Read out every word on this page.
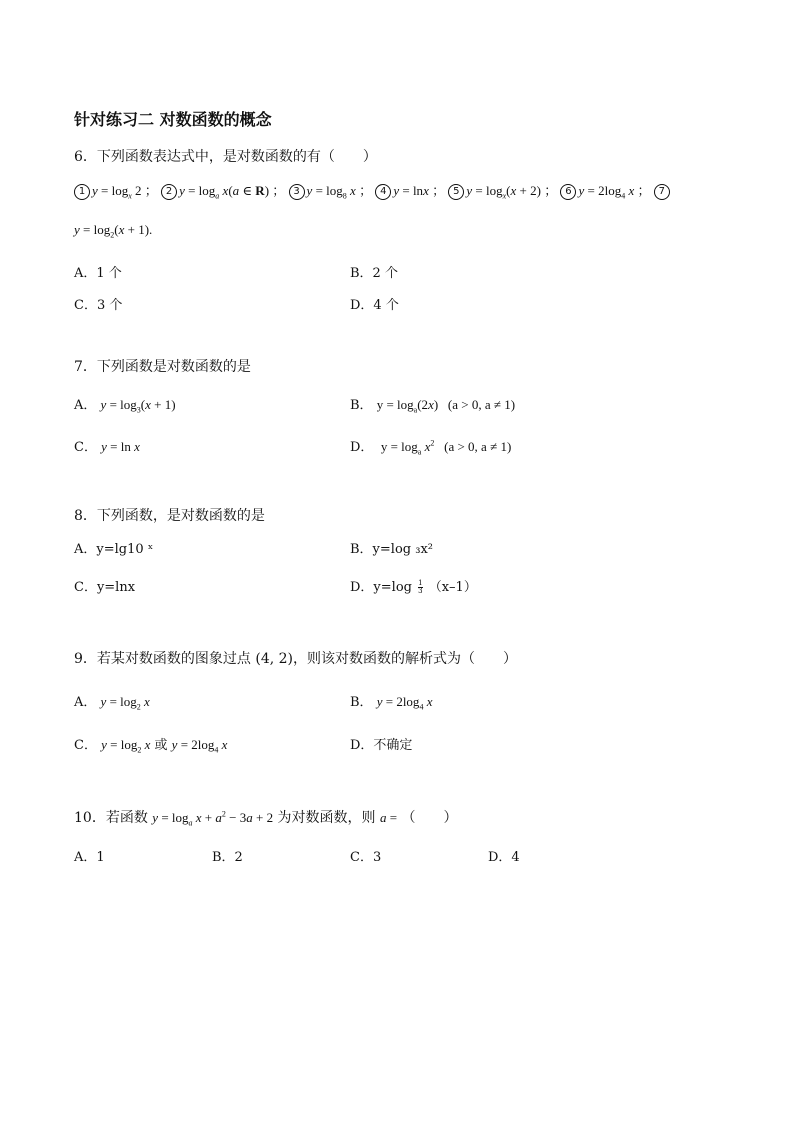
针对练习二 对数函数的概念
6．下列函数表达式中，是对数函数的有（　　）
1 $y = \log_x 2$ ； 2 $y = \log_a x(a$ ∈ R) ； 3 $y = \log_8 x$ ； 4 y = lnx ； 5 $y = \log_x(x + 2)$ ； 6 $y = 2\log_4$ x ； 7
$y = \log_2(x + 1)$.
A．1 个	B．2 个
C．3 个	D．4 个
7．下列函数是对数函数的是
A． $y = \log_3(x + 1)$	B． $y = \log_a(2x) (a > 0$, a ≠ 1)
C． y = ln x	D．  $y = \log_a x^2$   (a > 0, a ≠ 1)
8．下列函数，是对数函数的是
A．y=lg10 ˣ	B．y=log ₃x²
C．y=lnx	D．$y=\log \frac{1}{3} (x-1)$
9．若某对数函数的图象过点 (4, 2)，则该对数函数的解析式为（　　）
A． $y = \log_2 x$	B． $y = 2\log_4$ x
C． $y = \log_2 x$ 或 $y = 2\log_4$ x	D．不确定
10．若函数 $y = \log_a x + a^2 - 3a + 2$ 为对数函数，则 a = （　　）
A．1	B．2	C．3	D．4
